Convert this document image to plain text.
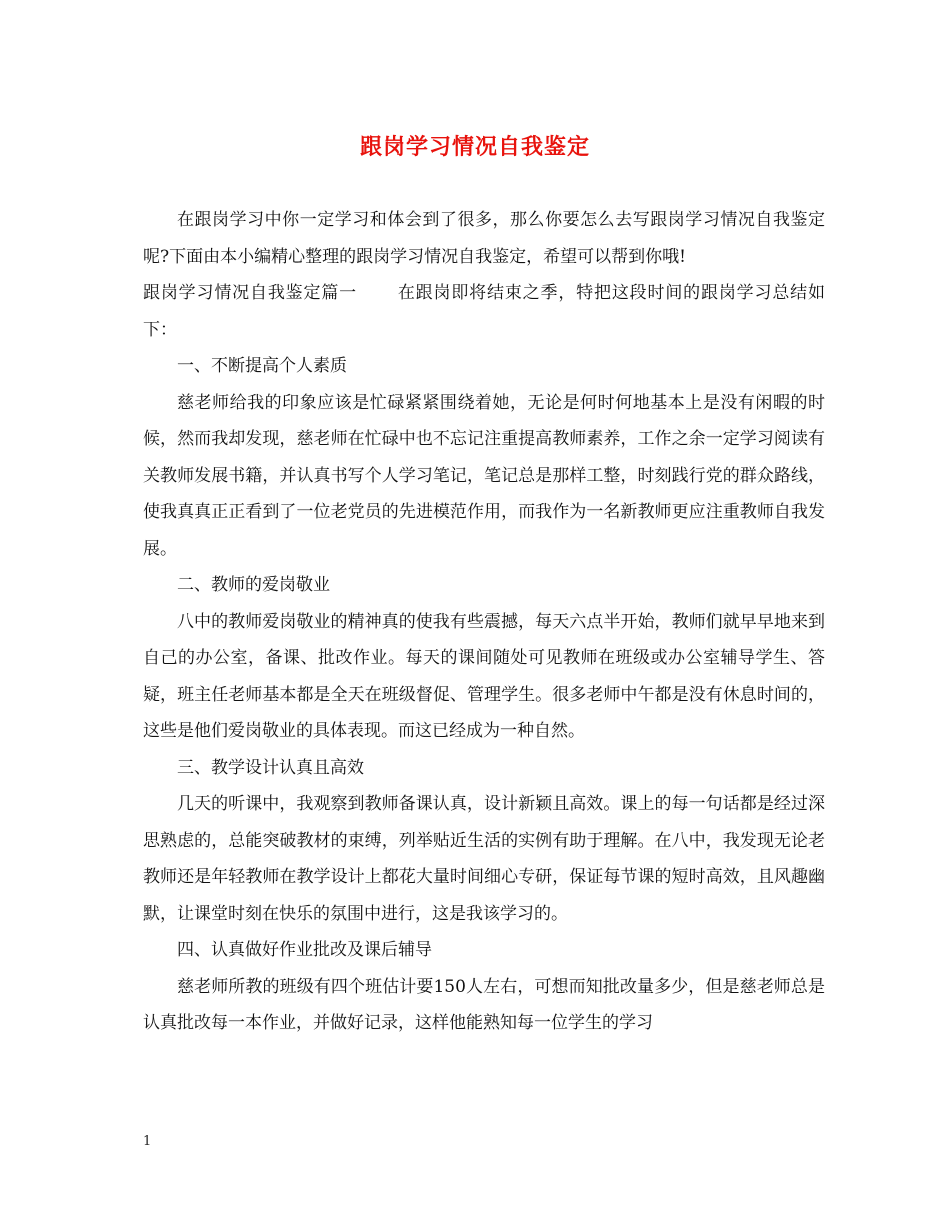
跟岗学习情况自我鉴定

在跟岗学习中你一定学习和体会到了很多，那么你要怎么去写跟岗学习情况自我鉴定呢?下面由本小编精心整理的跟岗学习情况自我鉴定，希望可以帮到你哦!

跟岗学习情况自我鉴定篇一 在跟岗即将结束之季，特把这段时间的跟岗学习总结如下：

一、不断提高个人素质

慈老师给我的印象应该是忙碌紧紧围绕着她，无论是何时何地基本上是没有闲暇的时候，然而我却发现，慈老师在忙碌中也不忘记注重提高教师素养，工作之余一定学习阅读有关教师发展书籍，并认真书写个人学习笔记，笔记总是那样工整，时刻践行党的群众路线，使我真真正正看到了一位老党员的先进模范作用，而我作为一名新教师更应注重教师自我发展。

二、教师的爱岗敬业

八中的教师爱岗敬业的精神真的使我有些震撼，每天六点半开始，教师们就早早地来到自己的办公室，备课、批改作业。每天的课间随处可见教师在班级或办公室辅导学生、答疑，班主任老师基本都是全天在班级督促、管理学生。很多老师中午都是没有休息时间的，这些是他们爱岗敬业的具体表现。而这已经成为一种自然。

三、教学设计认真且高效

几天的听课中，我观察到教师备课认真，设计新颖且高效。课上的每一句话都是经过深思熟虑的，总能突破教材的束缚，列举贴近生活的实例有助于理解。在八中，我发现无论老教师还是年轻教师在教学设计上都花大量时间细心专研，保证每节课的短时高效，且风趣幽默，让课堂时刻在快乐的氛围中进行，这是我该学习的。

四、认真做好作业批改及课后辅导

慈老师所教的班级有四个班估计要150人左右，可想而知批改量多少，但是慈老师总是认真批改每一本作业，并做好记录，这样他能熟知每一位学生的学习

1
